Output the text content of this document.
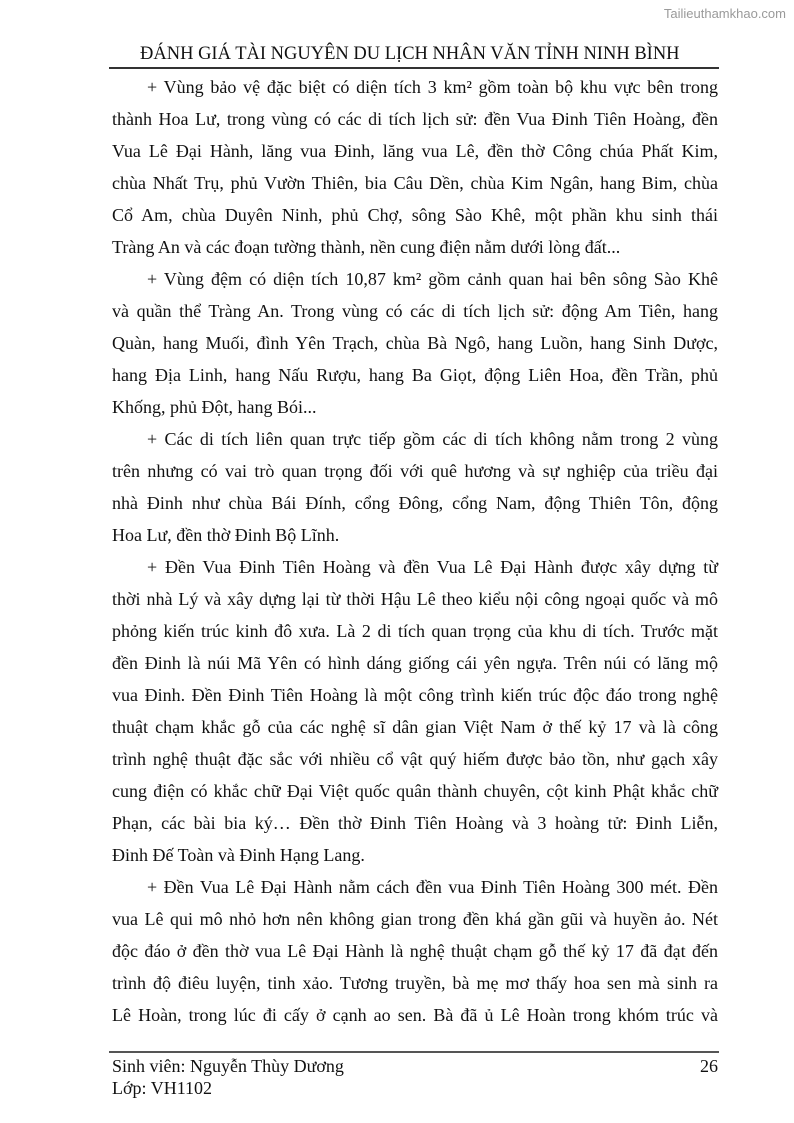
Tailieuthamkhao.com
ĐÁNH GIÁ TÀI NGUYÊN DU LỊCH NHÂN VĂN TỈNH NINH BÌNH
+ Vùng bảo vệ đặc biệt có diện tích 3 km² gồm toàn bộ khu vực bên trong
thành Hoa Lư, trong vùng có các di tích lịch sử: đền Vua Đinh Tiên Hoàng, đền
Vua Lê Đại Hành, lăng vua Đinh, lăng vua Lê, đền thờ Công chúa Phất Kim,
chùa Nhất Trụ, phủ Vườn Thiên, bia Câu Dền, chùa Kim Ngân, hang Bim, chùa
Cổ Am, chùa Duyên Ninh, phủ Chợ, sông Sào Khê, một phần khu sinh thái
Tràng An và các đoạn tường thành, nền cung điện nằm dưới lòng đất...
+ Vùng đệm có diện tích 10,87 km² gồm cảnh quan hai bên sông Sào Khê
và quần thể Tràng An. Trong vùng có các di tích lịch sử: động Am Tiên, hang
Quàn, hang Muối, đình Yên Trạch, chùa Bà Ngô, hang Luồn, hang Sinh Dược,
hang Địa Linh, hang Nấu Rượu, hang Ba Giọt, động Liên Hoa, đền Trần, phủ
Khống, phủ Đột, hang Bói...
+ Các di tích liên quan trực tiếp gồm các di tích không nằm trong 2 vùng
trên nhưng có vai trò quan trọng đối với quê hương và sự nghiệp của triều đại
nhà Đinh như chùa Bái Đính, cổng Đông, cổng Nam, động Thiên Tôn, động
Hoa Lư, đền thờ Đinh Bộ Lĩnh.
+ Đền Vua Đinh Tiên Hoàng và đền Vua Lê Đại Hành được xây dựng từ
thời nhà Lý và xây dựng lại từ thời Hậu Lê theo kiểu nội công ngoại quốc và mô
phỏng kiến trúc kinh đô xưa. Là 2 di tích quan trọng của khu di tích. Trước mặt
đền Đinh là núi Mã Yên có hình dáng giống cái yên ngựa. Trên núi có lăng mộ
vua Đinh. Đền Đinh Tiên Hoàng là một công trình kiến trúc độc đáo trong nghệ
thuật chạm khắc gỗ của các nghệ sĩ dân gian Việt Nam ở thế kỷ 17 và là công
trình nghệ thuật đặc sắc với nhiều cổ vật quý hiếm được bảo tồn, như gạch xây
cung điện có khắc chữ Đại Việt quốc quân thành chuyên, cột kinh Phật khắc chữ
Phạn, các bài bia ký… Đền thờ Đinh Tiên Hoàng và 3 hoàng tử: Đinh Liễn,
Đinh Đế Toàn và Đinh Hạng Lang.
+ Đền Vua Lê Đại Hành nằm cách đền vua Đinh Tiên Hoàng 300 mét. Đền
vua Lê qui mô nhỏ hơn nên không gian trong đền khá gần gũi và huyền ảo. Nét
độc đáo ở đền thờ vua Lê Đại Hành là nghệ thuật chạm gỗ thế kỷ 17 đã đạt đến
trình độ điêu luyện, tinh xảo. Tương truyền, bà mẹ mơ thấy hoa sen mà sinh ra
Lê Hoàn, trong lúc đi cấy ở cạnh ao sen. Bà đã ủ Lê Hoàn trong khóm trúc và
Sinh viên: Nguyễn Thùy Dương
Lớp: VH1102
26
